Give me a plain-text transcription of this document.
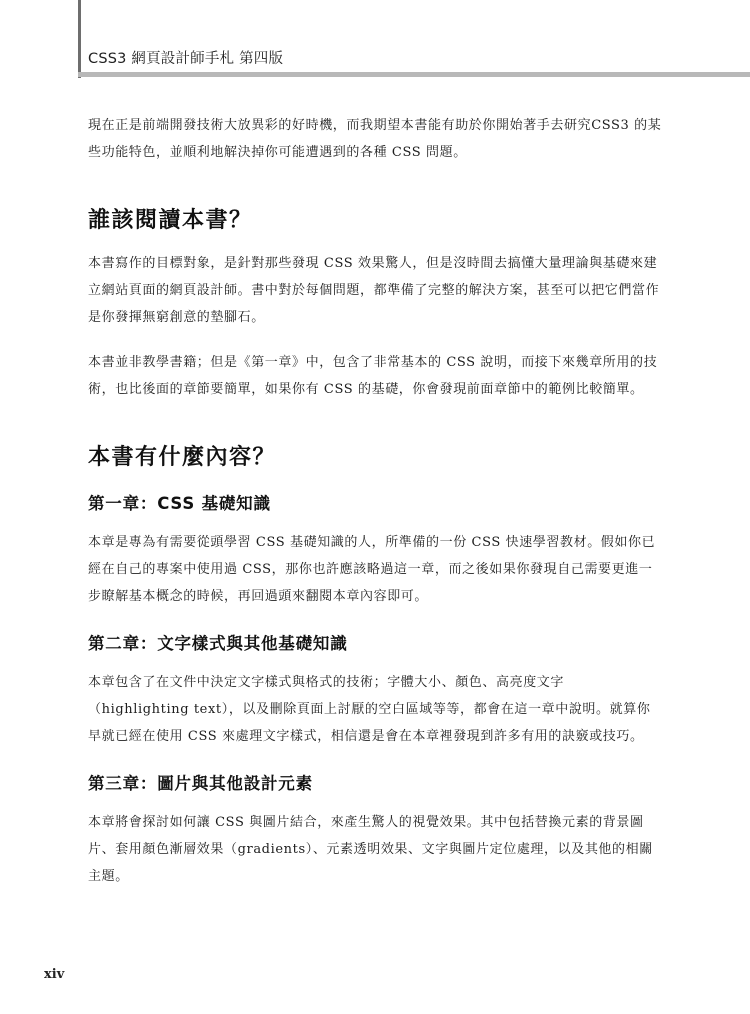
CSS3 網頁設計師手札 第四版

現在正是前端開發技術大放異彩的好時機，而我期望本書能有助於你開始著手去研究CSS3 的某些功能特色，並順利地解決掉你可能遭遇到的各種 CSS 問題。

誰該閱讀本書？

本書寫作的目標對象，是針對那些發現 CSS 效果驚人，但是沒時間去搞懂大量理論與基礎來建立網站頁面的網頁設計師。書中對於每個問題，都準備了完整的解決方案，甚至可以把它們當作是你發揮無窮創意的墊腳石。

本書並非教學書籍；但是《第一章》中，包含了非常基本的 CSS 說明，而接下來幾章所用的技術，也比後面的章節要簡單，如果你有 CSS 的基礎，你會發現前面章節中的範例比較簡單。

本書有什麼內容？
第一章：CSS 基礎知識

本章是專為有需要從頭學習 CSS 基礎知識的人，所準備的一份 CSS 快速學習教材。假如你已經在自己的專案中使用過 CSS，那你也許應該略過這一章，而之後如果你發現自己需要更進一步瞭解基本概念的時候，再回過頭來翻閱本章內容即可。

第二章：文字樣式與其他基礎知識

本章包含了在文件中決定文字樣式與格式的技術；字體大小、顏色、高亮度文字（highlighting text），以及刪除頁面上討厭的空白區域等等，都會在這一章中說明。就算你早就已經在使用 CSS 來處理文字樣式，相信還是會在本章裡發現到許多有用的訣竅或技巧。

第三章：圖片與其他設計元素

本章將會探討如何讓 CSS 與圖片結合，來產生驚人的視覺效果。其中包括替換元素的背景圖片、套用顏色漸層效果（gradients）、元素透明效果、文字與圖片定位處理，以及其他的相關主題。

xiv
